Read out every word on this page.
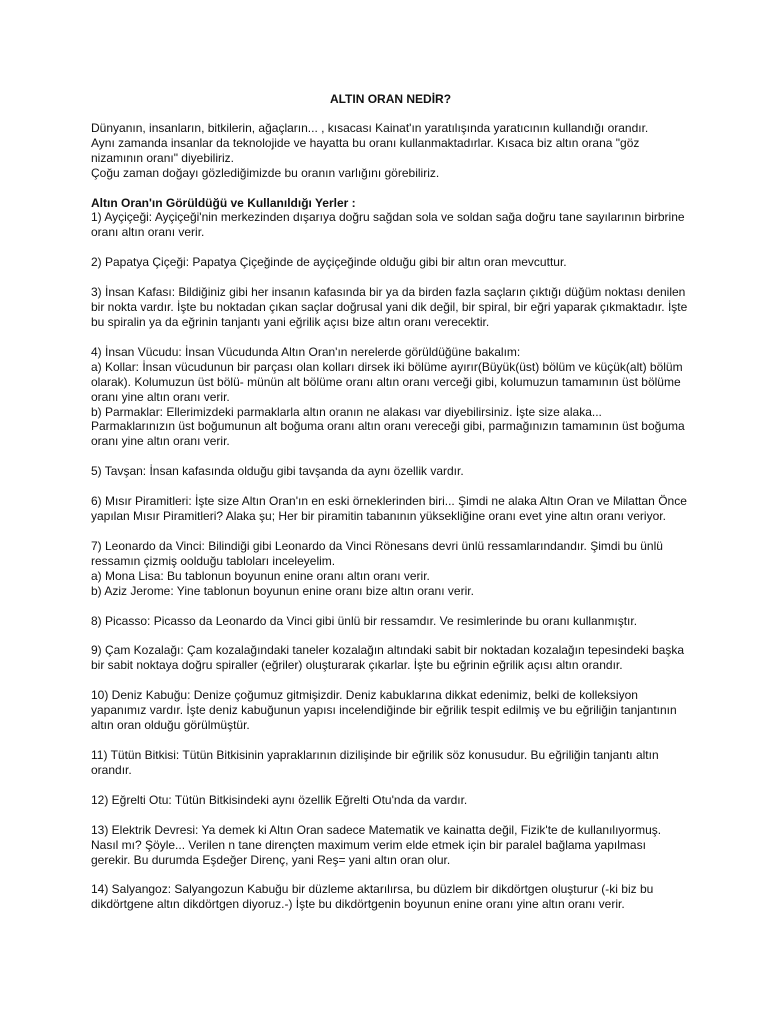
ALTIN ORAN NEDİR?

Dünyanın, insanların, bitkilerin, ağaçların... , kısacası Kainat'ın yaratılışında yaratıcının kullandığı orandır.

Aynı zamanda insanlar da teknolojide ve hayatta bu oranı kullanmaktadırlar. Kısaca biz altın orana "göz nizamının oranı" diyebiliriz.

Çoğu zaman doğayı gözlediğimizde bu oranın varlığını görebiliriz.

Altın Oran'ın Görüldüğü ve Kullanıldığı Yerler :

1) Ayçiçeği: Ayçiçeği'nin merkezinden dışarıya doğru sağdan sola ve soldan sağa doğru tane sayılarının birbrine oranı altın oranı verir.

2) Papatya Çiçeği: Papatya Çiçeğinde de ayçiçeğinde olduğu gibi bir altın oran mevcuttur.

3) İnsan Kafası: Bildiğiniz gibi her insanın kafasında bir ya da birden fazla saçların çıktığı düğüm noktası denilen bir nokta vardır. İşte bu noktadan çıkan saçlar doğrusal yani dik değil, bir spiral, bir eğri yaparak çıkmaktadır. İşte bu spiralin ya da eğrinin tanjantı yani eğrilik açısı bize altın oranı verecektir.

4) İnsan Vücudu: İnsan Vücudunda Altın Oran'ın nerelerde görüldüğüne bakalım:

a) Kollar: İnsan vücudunun bir parçası olan kolları dirsek iki bölüme ayırır(Büyük(üst) bölüm ve küçük(alt) bölüm olarak). Kolumuzun üst bölü- münün alt bölüme oranı altın oranı verceği gibi, kolumuzun tamamının üst bölüme oranı yine altın oranı verir.

b) Parmaklar: Ellerimizdeki parmaklarla altın oranın ne alakası var diyebilirsiniz. İşte size alaka... Parmaklarınızın üst boğumunun alt boğuma oranı altın oranı vereceği gibi, parmağınızın tamamının üst boğuma oranı yine altın oranı verir.

5) Tavşan: İnsan kafasında olduğu gibi tavşanda da aynı özellik vardır.

6) Mısır Piramitleri: İşte size Altın Oran'ın en eski örneklerinden biri... Şimdi ne alaka Altın Oran ve Milattan Önce yapılan Mısır Piramitleri? Alaka şu; Her bir piramitin tabanının yüksekliğine oranı evet yine altın oranı veriyor.

7) Leonardo da Vinci: Bilindiği gibi Leonardo da Vinci Rönesans devri ünlü ressamlarındandır. Şimdi bu ünlü ressamın çizmiş oolduğu tabloları inceleyelim.

a) Mona Lisa: Bu tablonun boyunun enine oranı altın oranı verir.

b) Aziz Jerome: Yine tablonun boyunun enine oranı bize altın oranı verir.

8) Picasso: Picasso da Leonardo da Vinci gibi ünlü bir ressamdır. Ve resimlerinde bu oranı kullanmıştır.

9) Çam Kozalağı: Çam kozalağındaki taneler kozalağın altındaki sabit bir noktadan kozalağın tepesindeki başka bir sabit noktaya doğru spiraller (eğriler) oluşturarak çıkarlar. İşte bu eğrinin eğrilik açısı altın orandır.

10) Deniz Kabuğu: Denize çoğumuz gitmişizdir. Deniz kabuklarına dikkat edenimiz, belki de kolleksiyon yapanımız vardır. İşte deniz kabuğunun yapısı incelendiğinde bir eğrilik tespit edilmiş ve bu eğriliğin tanjantının altın oran olduğu görülmüştür.

11) Tütün Bitkisi: Tütün Bitkisinin yapraklarının dizilişinde bir eğrilik söz konusudur. Bu eğriliğin tanjantı altın orandır.

12) Eğrelti Otu: Tütün Bitkisindeki aynı özellik Eğrelti Otu'nda da vardır.

13) Elektrik Devresi: Ya demek ki Altın Oran sadece Matematik ve kainatta değil, Fizik'te de kullanılıyormuş. Nasıl mı? Şöyle... Verilen n tane dirençten maximum verim elde etmek için bir paralel bağlama yapılması gerekir. Bu durumda Eşdeğer Direnç, yani Reş= yani altın oran olur.

14) Salyangoz: Salyangozun Kabuğu bir düzleme aktarılırsa, bu düzlem bir dikdörtgen oluşturur (-ki biz bu dikdörtgene altın dikdörtgen diyoruz.-) İşte bu dikdörtgenin boyunun enine oranı yine altın oranı verir.
